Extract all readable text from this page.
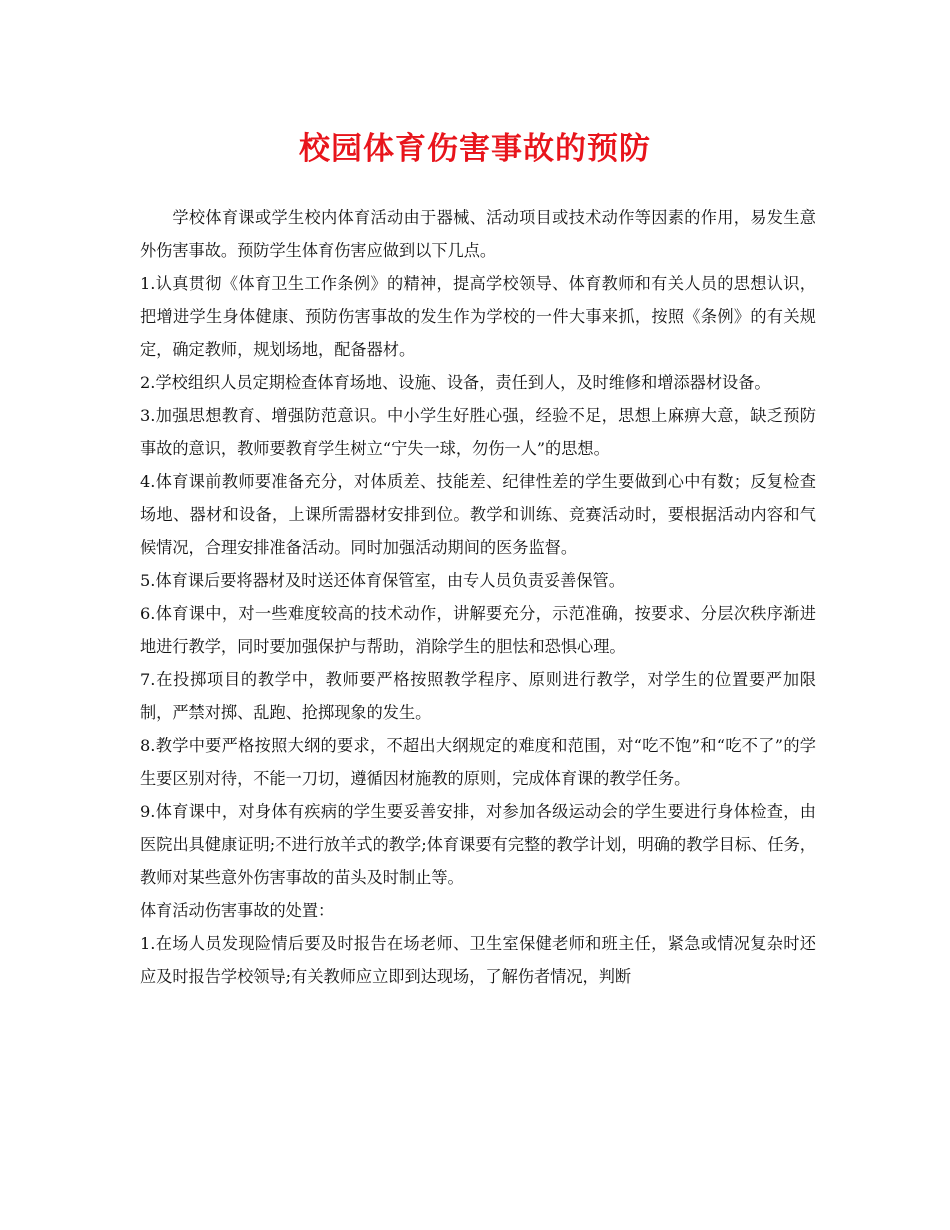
校园体育伤害事故的预防

学校体育课或学生校内体育活动由于器械、活动项目或技术动作等因素的作用，易发生意外伤害事故。预防学生体育伤害应做到以下几点。

1.认真贯彻《体育卫生工作条例》的精神，提高学校领导、体育教师和有关人员的思想认识，把增进学生身体健康、预防伤害事故的发生作为学校的一件大事来抓，按照《条例》的有关规定，确定教师，规划场地，配备器材。

2.学校组织人员定期检查体育场地、设施、设备，责任到人，及时维修和增添器材设备。

3.加强思想教育、增强防范意识。中小学生好胜心强，经验不足，思想上麻痹大意，缺乏预防事故的意识，教师要教育学生树立“宁失一球，勿伤一人”的思想。

4.体育课前教师要准备充分，对体质差、技能差、纪律性差的学生要做到心中有数；反复检查场地、器材和设备，上课所需器材安排到位。教学和训练、竞赛活动时，要根据活动内容和气候情况，合理安排准备活动。同时加强活动期间的医务监督。

5.体育课后要将器材及时送还体育保管室，由专人员负责妥善保管。

6.体育课中，对一些难度较高的技术动作，讲解要充分，示范准确，按要求、分层次秩序渐进地进行教学，同时要加强保护与帮助，消除学生的胆怯和恐惧心理。

7.在投掷项目的教学中，教师要严格按照教学程序、原则进行教学，对学生的位置要严加限制，严禁对掷、乱跑、抢掷现象的发生。

8.教学中要严格按照大纲的要求，不超出大纲规定的难度和范围，对“吃不饱”和“吃不了”的学生要区别对待，不能一刀切，遵循因材施教的原则，完成体育课的教学任务。

9.体育课中，对身体有疾病的学生要妥善安排，对参加各级运动会的学生要进行身体检查，由医院出具健康证明;不进行放羊式的教学;体育课要有完整的教学计划，明确的教学目标、任务，教师对某些意外伤害事故的苗头及时制止等。

体育活动伤害事故的处置：

1.在场人员发现险情后要及时报告在场老师、卫生室保健老师和班主任，紧急或情况复杂时还应及时报告学校领导;有关教师应立即到达现场，了解伤者情况，判断
